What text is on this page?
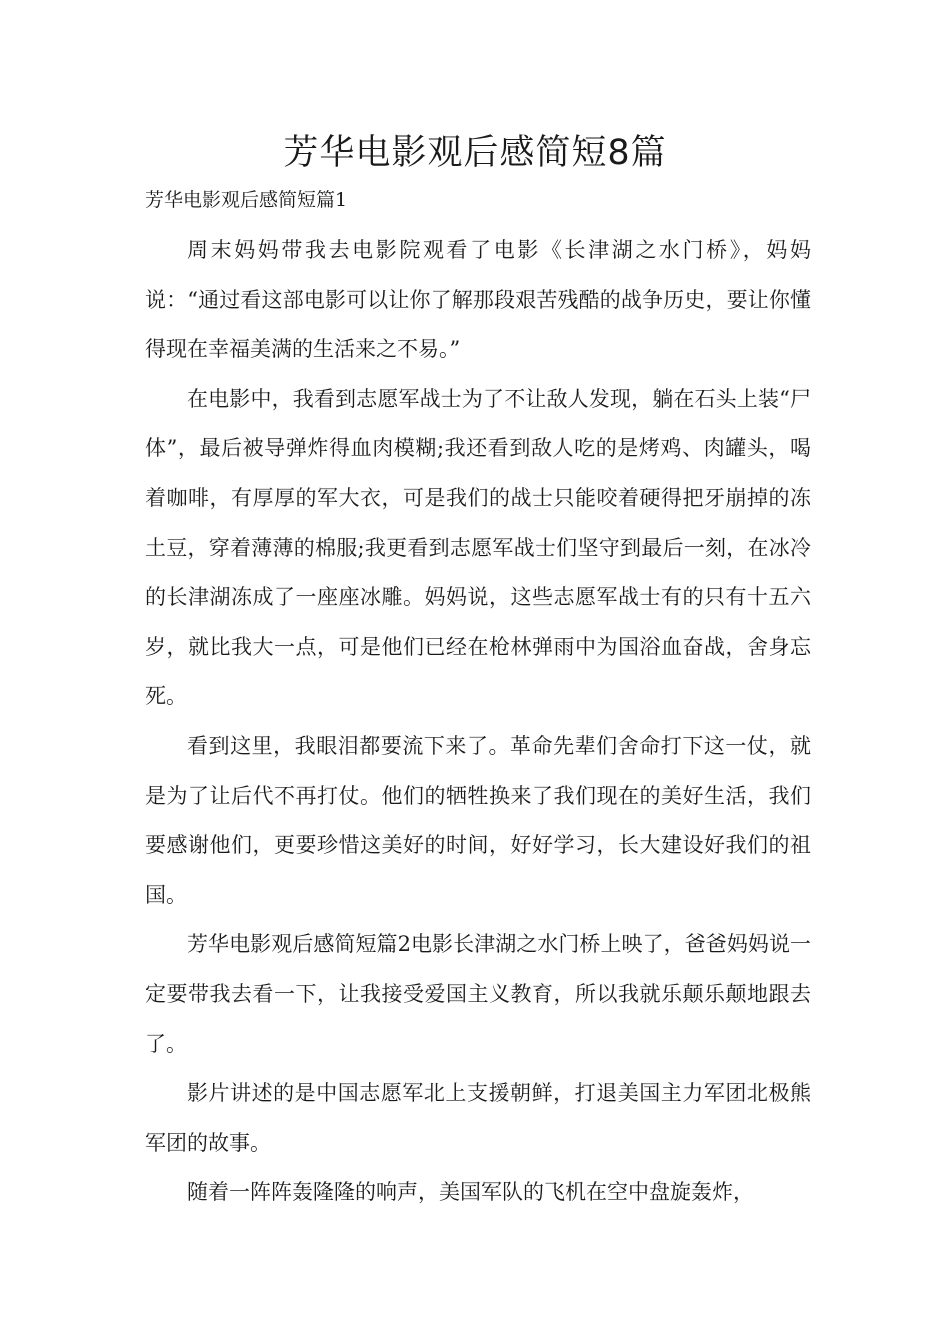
芳华电影观后感简短8篇

芳华电影观后感简短篇1

周末妈妈带我去电影院观看了电影《长津湖之水门桥》，妈妈说：“通过看这部电影可以让你了解那段艰苦残酷的战争历史，要让你懂得现在幸福美满的生活来之不易。”

在电影中，我看到志愿军战士为了不让敌人发现，躺在石头上装“尸体”，最后被导弹炸得血肉模糊;我还看到敌人吃的是烤鸡、肉罐头，喝着咖啡，有厚厚的军大衣，可是我们的战士只能咬着硬得把牙崩掉的冻土豆，穿着薄薄的棉服;我更看到志愿军战士们坚守到最后一刻，在冰冷的长津湖冻成了一座座冰雕。妈妈说，这些志愿军战士有的只有十五六岁，就比我大一点，可是他们已经在枪林弹雨中为国浴血奋战，舍身忘死。

看到这里，我眼泪都要流下来了。革命先辈们舍命打下这一仗，就是为了让后代不再打仗。他们的牺牲换来了我们现在的美好生活，我们要感谢他们，更要珍惜这美好的时间，好好学习，长大建设好我们的祖国。

芳华电影观后感简短篇2电影长津湖之水门桥上映了，爸爸妈妈说一定要带我去看一下，让我接受爱国主义教育，所以我就乐颠乐颠地跟去了。

影片讲述的是中国志愿军北上支援朝鲜，打退美国主力军团北极熊军团的故事。

随着一阵阵轰隆隆的响声，美国军队的飞机在空中盘旋轰炸，
